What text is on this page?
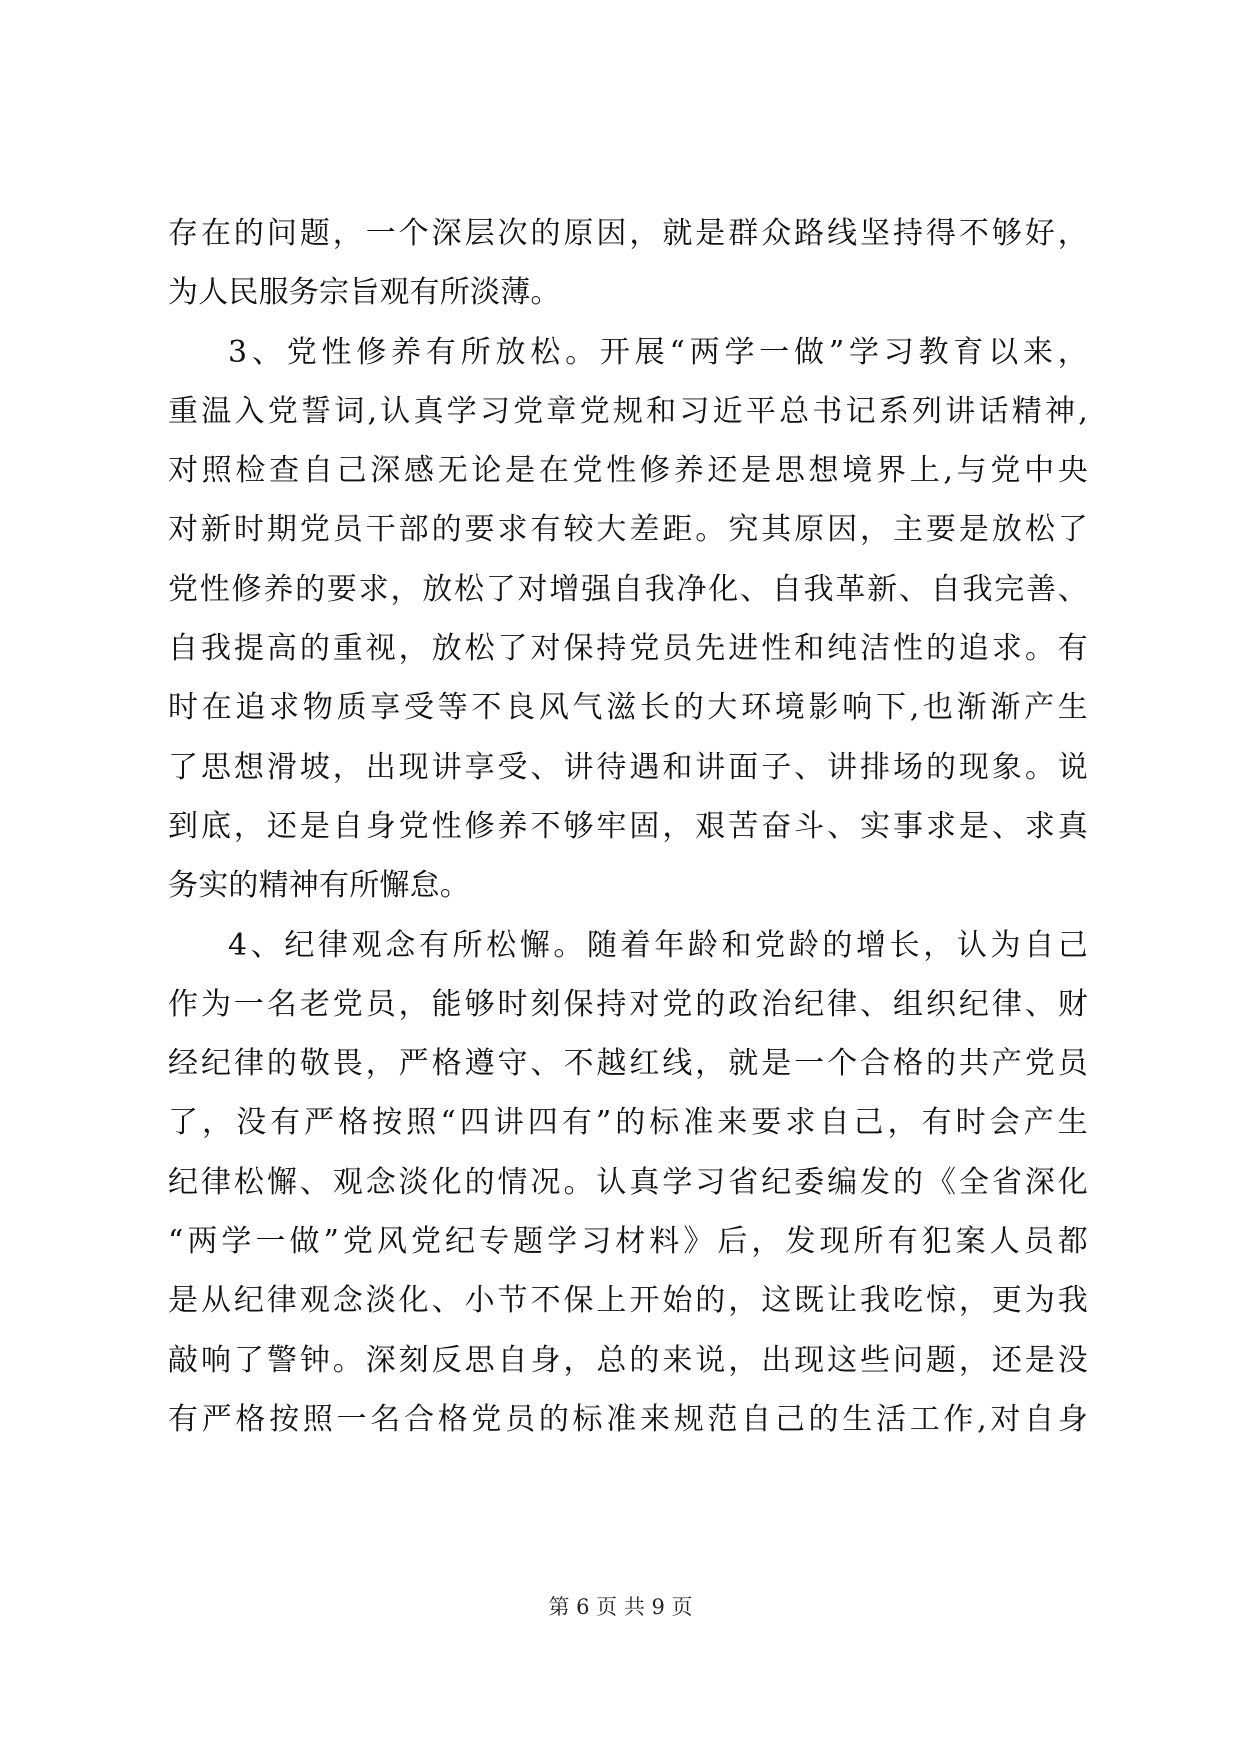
存在的问题，一个深层次的原因，就是群众路线坚持得不够好，
为人民服务宗旨观有所淡薄。
3、党性修养有所放松。开展“两学一做”学习教育以来，
重温入党誓词,认真学习党章党规和习近平总书记系列讲话精神,
对照检查自己深感无论是在党性修养还是思想境界上,与党中央
对新时期党员干部的要求有较大差距。究其原因，主要是放松了
党性修养的要求，放松了对增强自我净化、自我革新、自我完善、
自我提高的重视，放松了对保持党员先进性和纯洁性的追求。有
时在追求物质享受等不良风气滋长的大环境影响下,也渐渐产生
了思想滑坡，出现讲享受、讲待遇和讲面子、讲排场的现象。说
到底，还是自身党性修养不够牢固，艰苦奋斗、实事求是、求真
务实的精神有所懈怠。
4、纪律观念有所松懈。随着年龄和党龄的增长，认为自己
作为一名老党员，能够时刻保持对党的政治纪律、组织纪律、财
经纪律的敬畏，严格遵守、不越红线，就是一个合格的共产党员
了，没有严格按照“四讲四有”的标准来要求自己，有时会产生
纪律松懈、观念淡化的情况。认真学习省纪委编发的《全省深化
“两学一做”党风党纪专题学习材料》后，发现所有犯案人员都
是从纪律观念淡化、小节不保上开始的，这既让我吃惊，更为我
敲响了警钟。深刻反思自身，总的来说，出现这些问题，还是没
有严格按照一名合格党员的标准来规范自己的生活工作,对自身
第 6 页 共 9 页
